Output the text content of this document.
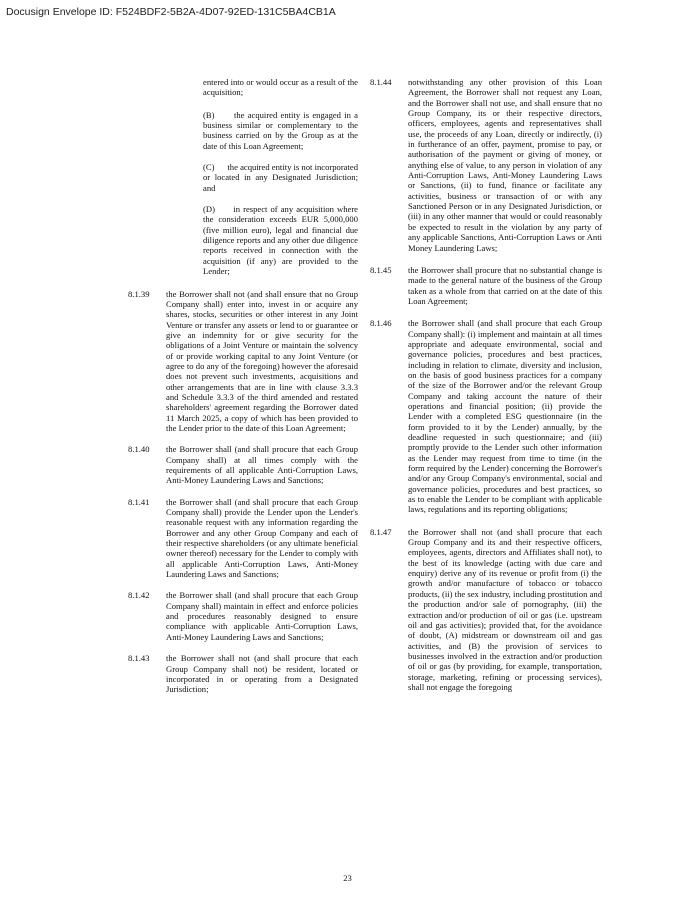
Docusign Envelope ID: F524BDF2-5B2A-4D07-92ED-131C5BA4CB1A
entered into or would occur as a result of the acquisition;
(B)      the acquired entity is engaged in a business similar or complementary to the business carried on by the Group as at the date of this Loan Agreement;
(C)      the acquired entity is not incorporated or located in any Designated Jurisdiction; and
(D)      in respect of any acquisition where the consideration exceeds EUR 5,000,000 (five million euro), legal and financial due diligence reports and any other due diligence reports received in connection with the acquisition (if any) are provided to the Lender;
8.1.39	the Borrower shall not (and shall ensure that no Group Company shall) enter into, invest in or acquire any shares, stocks, securities or other interest in any Joint Venture or transfer any assets or lend to or guarantee or give an indemnity for or give security for the obligations of a Joint Venture or maintain the solvency of or provide working capital to any Joint Venture (or agree to do any of the foregoing) however the aforesaid does not prevent such investments, acquisitions and other arrangements that are in line with clause 3.3.3 and Schedule 3.3.3 of the third amended and restated shareholders' agreement regarding the Borrower dated 11 March 2025, a copy of which has been provided to the Lender prior to the date of this Loan Agreement;

8.1.40	the Borrower shall (and shall procure that each Group Company shall) at all times comply with the requirements of all applicable Anti-Corruption Laws, Anti-Money Laundering Laws and Sanctions;

8.1.41	the Borrower shall (and shall procure that each Group Company shall) provide the Lender upon the Lender's reasonable request with any information regarding the Borrower and any other Group Company and each of their respective shareholders (or any ultimate beneficial owner thereof) necessary for the Lender to comply with all applicable Anti-Corruption Laws, Anti-Money Laundering Laws and Sanctions;

8.1.42	the Borrower shall (and shall procure that each Group Company shall) maintain in effect and enforce policies and procedures reasonably designed to ensure compliance with applicable Anti-Corruption Laws, Anti-Money Laundering Laws and Sanctions;

8.1.43	the Borrower shall not (and shall procure that each Group Company shall not) be resident, located or incorporated in or operating from a Designated Jurisdiction;

8.1.44	notwithstanding any other provision of this Loan Agreement, the Borrower shall not request any Loan, and the Borrower shall not use, and shall ensure that no Group Company, its or their respective directors, officers, employees, agents and representatives shall use, the proceeds of any Loan, directly or indirectly, (i) in furtherance of an offer, payment, promise to pay, or authorisation of the payment or giving of money, or anything else of value, to any person in violation of any Anti-Corruption Laws, Anti-Money Laundering Laws or Sanctions, (ii) to fund, finance or facilitate any activities, business or transaction of or with any Sanctioned Person or in any Designated Jurisdiction, or (iii) in any other manner that would or could reasonably be expected to result in the violation by any party of any applicable Sanctions, Anti-Corruption Laws or Anti Money Laundering Laws;

8.1.45	the Borrower shall procure that no substantial change is made to the general nature of the business of the Group taken as a whole from that carried on at the date of this Loan Agreement;

8.1.46	the Borrower shall (and shall procure that each Group Company shall): (i) implement and maintain at all times appropriate and adequate environmental, social and governance policies, procedures and best practices, including in relation to climate, diversity and inclusion, on the basis of good business practices for a company of the size of the Borrower and/or the relevant Group Company and taking account the nature of their operations and financial position; (ii) provide the Lender with a completed ESG questionnaire (in the form provided to it by the Lender) annually, by the deadline requested in such questionnaire; and (iii) promptly provide to the Lender such other information as the Lender may request from time to time (in the form required by the Lender) concerning the Borrower's and/or any Group Company's environmental, social and governance policies, procedures and best practices, so as to enable the Lender to be compliant with applicable laws, regulations and its reporting obligations;

8.1.47	the Borrower shall not (and shall procure that each Group Company and its and their respective officers, employees, agents, directors and Affiliates shall not), to the best of its knowledge (acting with due care and enquiry) derive any of its revenue or profit from (i) the growth and/or manufacture of tobacco or tobacco products, (ii) the sex industry, including prostitution and the production and/or sale of pornography, (iii) the extraction and/or production of oil or gas (i.e. upstream oil and gas activities); provided that, for the avoidance of doubt, (A) midstream or downstream oil and gas activities, and (B) the provision of services to businesses involved in the extraction and/or production of oil or gas (by providing, for example, transportation, storage, marketing, refining or processing services), shall not engage the foregoing

23
